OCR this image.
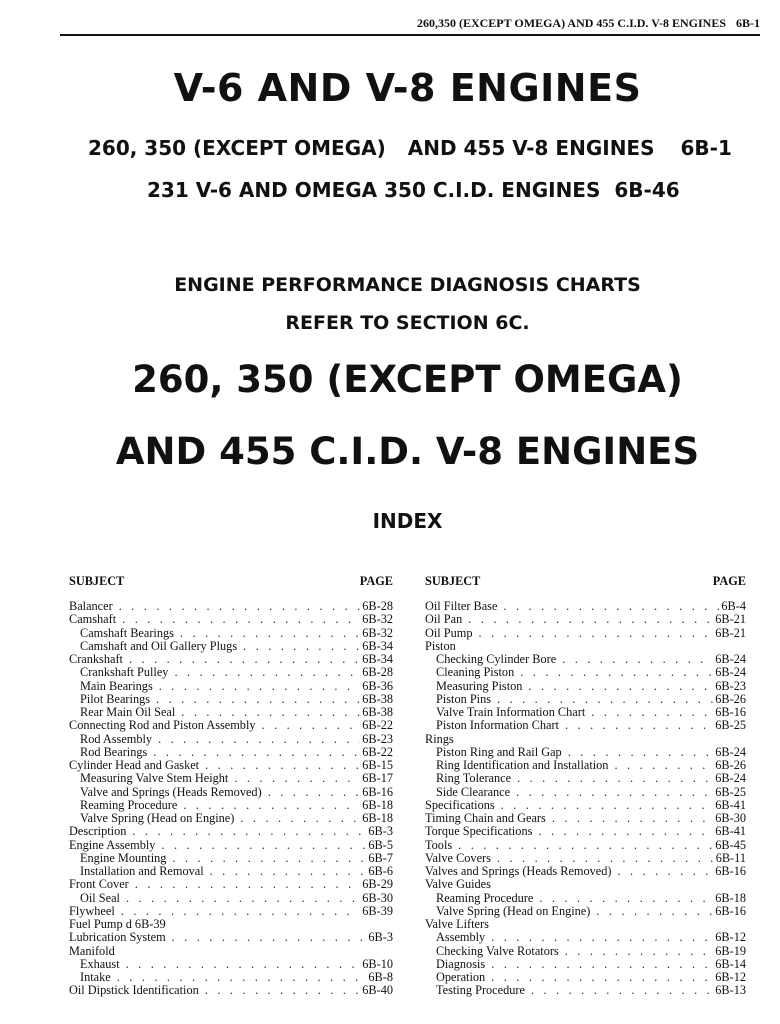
260,350 (EXCEPT OMEGA) AND 455 C.I.D. V-8 ENGINES 6B-1
V-6 AND V-8 ENGINES
260, 350 (EXCEPT OMEGA) AND 455 V-8 ENGINES 6B-1
231 V-6 AND OMEGA 350 C.I.D. ENGINES 6B-46
ENGINE PERFORMANCE DIAGNOSIS CHARTS
REFER TO SECTION 6C.
260, 350 (EXCEPT OMEGA)
AND 455 C.I.D. V-8 ENGINES
INDEX
SUBJECT	PAGE
Balancer . . .	6B-28
Camshaft . . .	6B-32
Camshaft Bearings . . .	6B-32
Camshaft and Oil Gallery Plugs . . .	6B-34
Crankshaft . . .	6B-34
Crankshaft Pulley . . .	6B-28
Main Bearings . . .	6B-36
Pilot Bearings . . .	6B-38
Rear Main Oil Seal . . .	6B-38
Connecting Rod and Piston Assembly . . .	6B-22
Rod Assembly . . .	6B-23
Rod Bearings . . .	6B-22
Cylinder Head and Gasket . . .	6B-15
Measuring Valve Stem Height . . .	6B-17
Valve and Springs (Heads Removed) . . .	6B-16
Reaming Procedure . . .	6B-18
Valve Spring (Head on Engine) . . .	6B-18
Description . . .	6B-3
Engine Assembly . . .	6B-5
Engine Mounting . . .	6B-7
Installation and Removal . . .	6B-6
Front Cover . . .	6B-29
Oil Seal . . .	6B-30
Flywheel . . .	6B-39
Fuel Pump d 6B-39
Lubrication System . . .	6B-3
Manifold
Exhaust . . .	6B-10
Intake . . .	6B-8
Oil Dipstick Identification . . .	6B-40
SUBJECT	PAGE
Oil Filter Base . . .	6B-4
Oil Pan . . .	6B-21
Oil Pump . . .	6B-21
Piston
Checking Cylinder Bore . . .	6B-24
Cleaning Piston . . .	6B-24
Measuring Piston . . .	6B-23
Piston Pins . . .	6B-26
Valve Train Information Chart . . .	6B-16
Piston Information Chart . . .	6B-25
Rings
Piston Ring and Rail Gap . . .	6B-24
Ring Identification and Installation . . .	6B-26
Ring Tolerance . . .	6B-24
Side Clearance . . .	6B-25
Specifications . . .	6B-41
Timing Chain and Gears . . .	6B-30
Torque Specifications . . .	6B-41
Tools . . .	6B-45
Valve Covers . . .	6B-11
Valves and Springs (Heads Removed) . . .	6B-16
Valve Guides
Reaming Procedure . . .	6B-18
Valve Spring (Head on Engine) . . .	6B-16
Valve Lifters
Assembly . . .	6B-12
Checking Valve Rotators . . .	6B-19
Diagnosis . . .	6B-14
Operation . . .	6B-12
Testing Procedure . . .	6B-13
